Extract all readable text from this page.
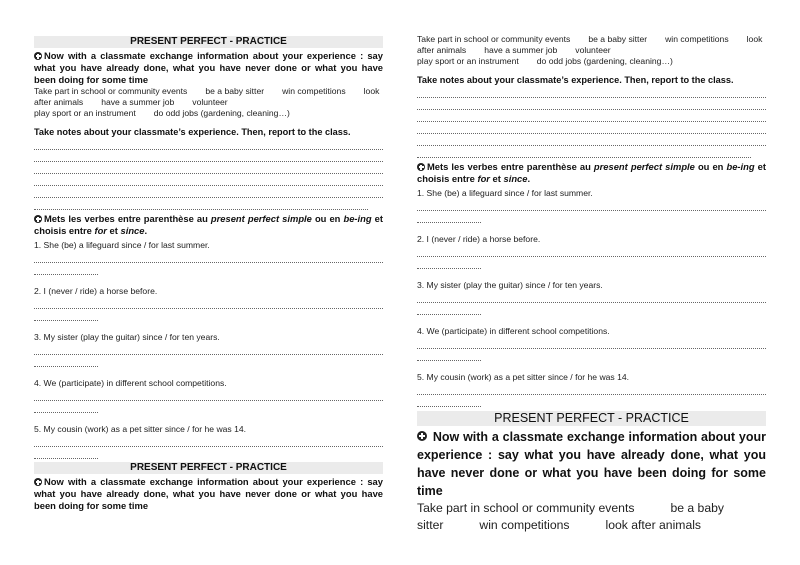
PRESENT PERFECT - PRACTICE
Now with a classmate exchange information about your experience : say what you have already done, what you have never done or what you have been doing for some time
Take part in school or community events be a baby sitter win competitions look after animals have a summer job volunteer
play sport or an instrument do odd jobs (gardening, cleaning…)
Take notes about your classmate’s experience. Then, report to the class.
Mets les verbes entre parenthèse au present perfect simple ou en be-ing et choisis entre for et since.
1. She (be) a lifeguard since / for last summer.
2. I (never / ride) a horse before.
3. My sister (play the guitar) since / for ten years.
4. We (participate) in different school competitions.
5. My cousin (work) as a pet sitter since / for he was 14.
PRESENT PERFECT - PRACTICE
Now with a classmate exchange information about your experience : say what you have already done, what you have never done or what you have been doing for some time
Take part in school or community events be a baby sitter win competitions look after animals have a summer job volunteer
play sport or an instrument do odd jobs (gardening, cleaning…)
Take notes about your classmate’s experience. Then, report to the class.
Mets les verbes entre parenthèse au present perfect simple ou en be-ing et choisis entre for et since.
1. She (be) a lifeguard since / for last summer.
2. I (never / ride) a horse before.
3. My sister (play the guitar) since / for ten years.
4. We (participate) in different school competitions.
5. My cousin (work) as a pet sitter since / for he was 14.
PRESENT PERFECT - PRACTICE
Now with a classmate exchange information about your experience : say what you have already done, what you have never done or what you have been doing for some time
Take part in school or community events	be a baby sitter	win competitions	look after animals
